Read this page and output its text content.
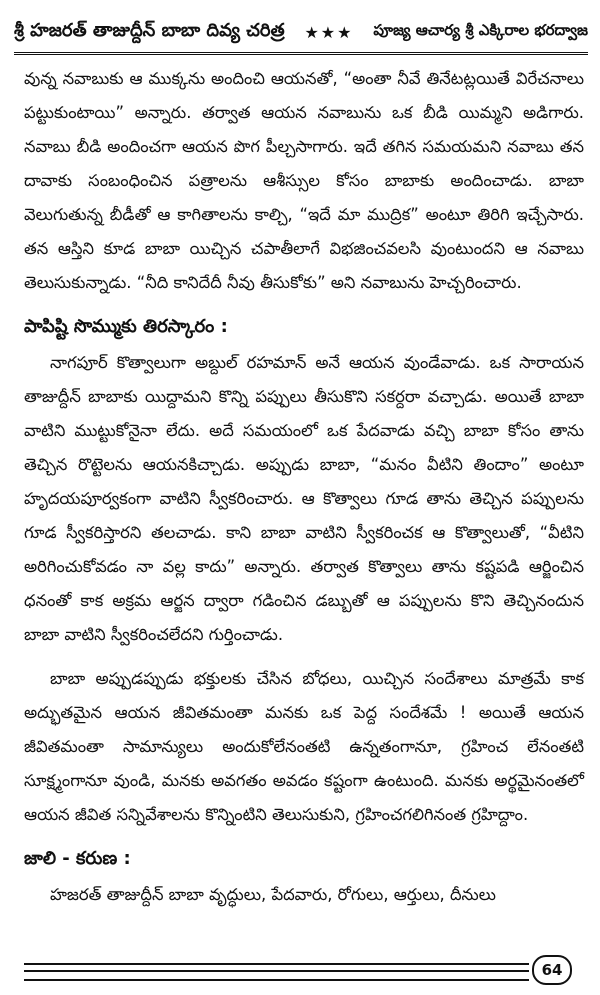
శ్రీ హజరత్ తాజుద్దీన్ బాబా దివ్య చరిత్ర	★★★	పూజ్య ఆచార్య శ్రీ ఎక్కిరాల భరద్వాజ

వున్న నవాబుకు ఆ ముక్కను అందించి ఆయనతో, “అంతా నీవే తినేటట్లయితే విరేచనాలు పట్టుకుంటాయి” అన్నారు. తర్వాత ఆయన నవాబును ఒక బీడి యిమ్మని అడిగారు. నవాబు బీడి అందించగా ఆయన పొగ పీల్చసాగారు. ఇదే తగిన సమయమని నవాబు తన దావాకు సంబంధించిన పత్రాలను ఆశీస్సుల కోసం బాబాకు అందించాడు. బాబా వెలుగుతున్న బీడీతో ఆ కాగితాలను కాల్చి, “ఇదే మా ముద్రిక” అంటూ తిరిగి ఇచ్చేసారు. తన ఆస్తిని కూడ బాబా యిచ్చిన చపాతీలాగే విభజించవలసి వుంటుందని ఆ నవాబు తెలుసుకున్నాడు. “నీది కానిదేదీ నీవు తీసుకోకు” అని నవాబును హెచ్చరించారు.

పాపిష్టి సొమ్ముకు తిరస్కారం :

నాగపూర్ కొత్వాలుగా అబ్దుల్ రహమాన్ అనే ఆయన వుండేవాడు. ఒక సారాయన తాజుద్దీన్ బాబాకు యిద్దామని కొన్ని పప్పులు తీసుకొని సకర్దరా వచ్చాడు. అయితే బాబా వాటిని ముట్టుకోనైనా లేదు. అదే సమయంలో ఒక పేదవాడు వచ్చి బాబా కోసం తాను తెచ్చిన రొట్టెలను ఆయనకిచ్చాడు. అప్పుడు బాబా, “మనం వీటిని తిందాం” అంటూ హృదయపూర్వకంగా వాటిని స్వీకరించారు. ఆ కొత్వాలు గూడ తాను తెచ్చిన పప్పులను గూడ స్వీకరిస్తారని తలచాడు. కాని బాబా వాటిని స్వీకరించక ఆ కొత్వాలుతో, “వీటిని అరిగించుకోవడం నా వల్ల కాదు” అన్నారు. తర్వాత కొత్వాలు తాను కష్టపడి ఆర్జించిన ధనంతో కాక అక్రమ ఆర్జన ద్వారా గడించిన డబ్బుతో ఆ పప్పులను కొని తెచ్చినందున బాబా వాటిని స్వీకరించలేదని గుర్తించాడు.

బాబా అప్పుడప్పుడు భక్తులకు చేసిన బోధలు, యిచ్చిన సందేశాలు మాత్రమే కాక అద్భుతమైన ఆయన జీవితమంతా మనకు ఒక పెద్ద సందేశమే ! అయితే ఆయన జీవితమంతా సామాన్యులు అందుకోలేనంతటి ఉన్నతంగానూ, గ్రహించ లేనంతటి సూక్ష్మంగానూ వుండి, మనకు అవగతం అవడం కష్టంగా ఉంటుంది. మనకు అర్థమైనంతలో ఆయన జీవిత సన్నివేశాలను కొన్నింటిని తెలుసుకుని, గ్రహించగలిగినంత గ్రహిద్దాం.

జాలి - కరుణ :

హజరత్ తాజుద్దీన్ బాబా వృద్ధులు, పేదవారు, రోగులు, ఆర్తులు, దీనులు

64
